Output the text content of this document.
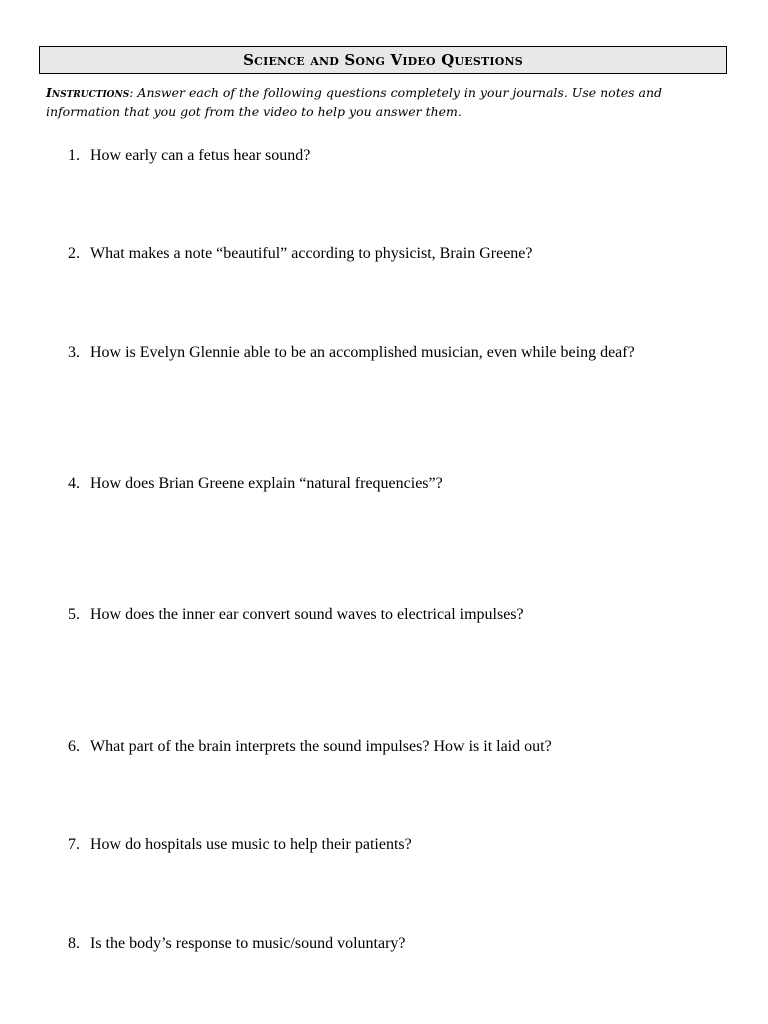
Science and Song Video Questions
Instructions: Answer each of the following questions completely in your journals. Use notes and information that you got from the video to help you answer them.
1. How early can a fetus hear sound?
2. What makes a note “beautiful” according to physicist, Brain Greene?
3. How is Evelyn Glennie able to be an accomplished musician, even while being deaf?
4. How does Brian Greene explain “natural frequencies”?
5. How does the inner ear convert sound waves to electrical impulses?
6. What part of the brain interprets the sound impulses? How is it laid out?
7. How do hospitals use music to help their patients?
8. Is the body’s response to music/sound voluntary?
